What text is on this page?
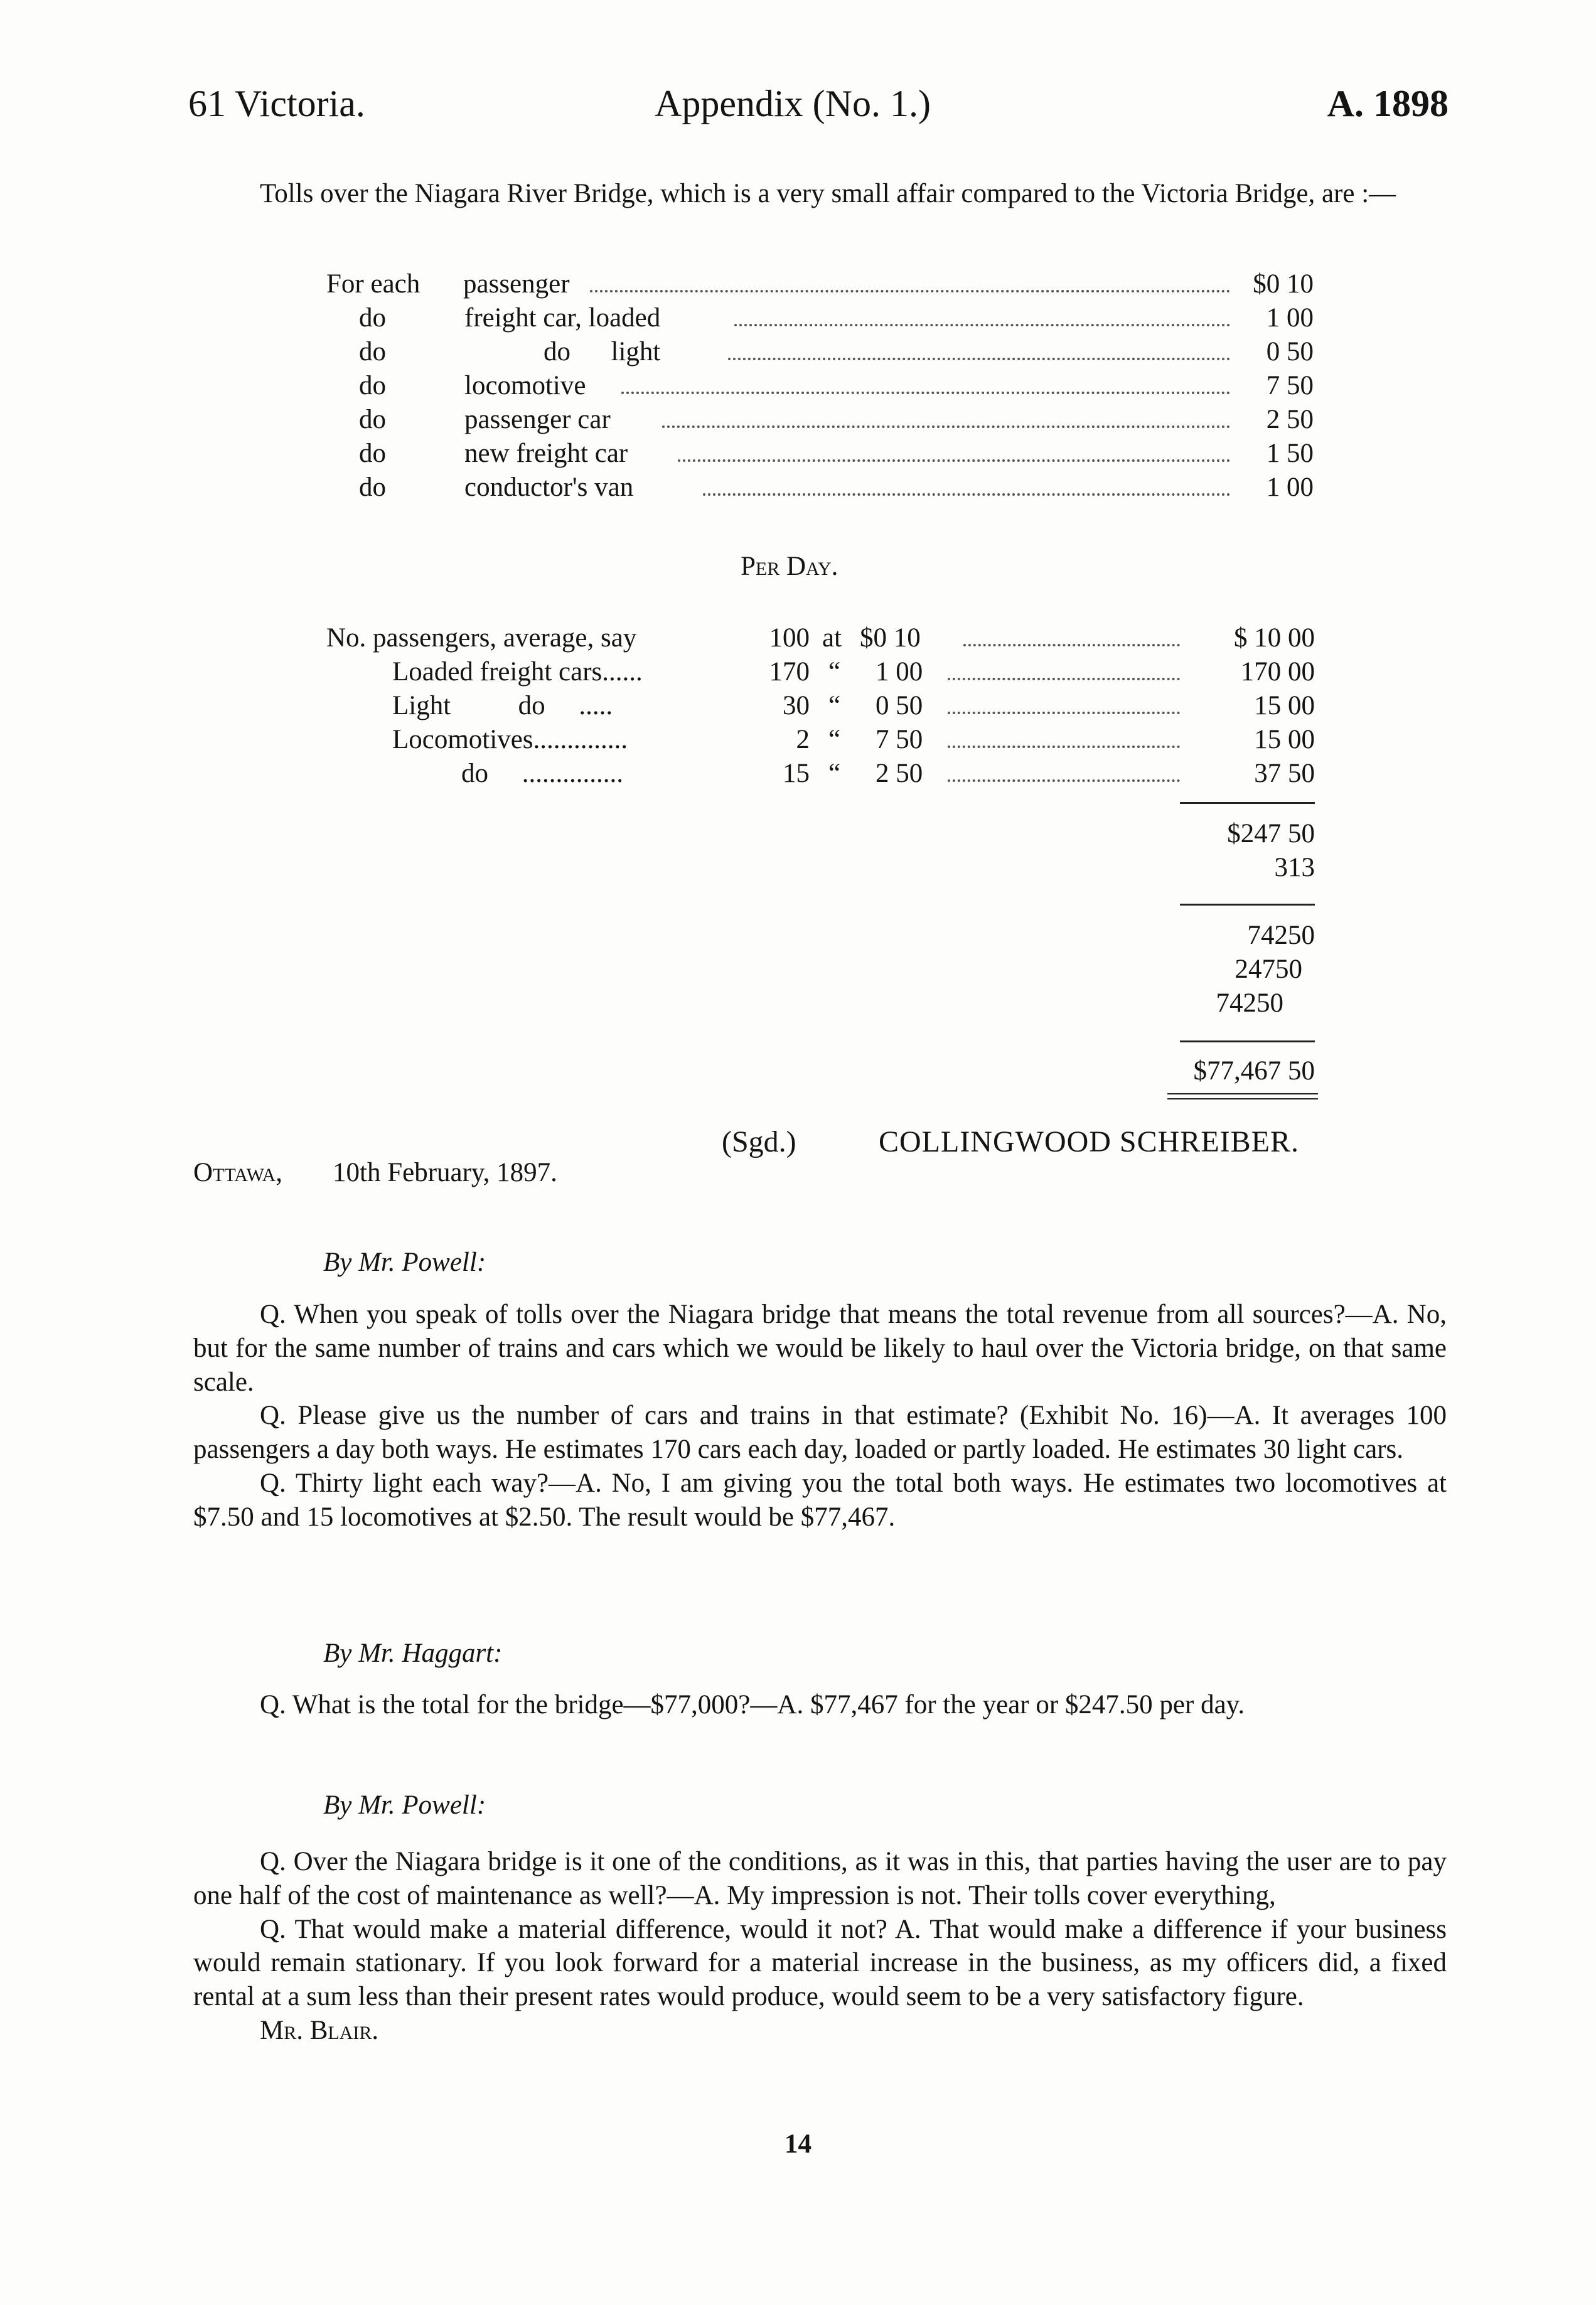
61 Victoria.	Appendix (No. 1.)	A. 1898

Tolls over the Niagara River Bridge, which is a very small affair compared to the Victoria Bridge, are :—

For each passenger	$0 10
do	freight car, loaded	1 00
do	do      light	0 50
do	locomotive	7 50
do	passenger car	2 50
do	new freight car	1 50
do	conductor's van	1 00
Per Day.
No. passengers, average, say	100 at $0 10	$ 10 00
Loaded freight cars......	170 “ 1 00	170 00
Light          do     .....	30 “ 0 50	15 00
Locomotives..............	2 “ 7 50	15 00
do     ...............	15 “ 2 50	37 50
$247 50
313
74250
24750
74250
$77,467 50
(Sgd.)	COLLINGWOOD SCHREIBER.
Ottawa, 10th February, 1897.
By Mr. Powell:

Q. When you speak of tolls over the Niagara bridge that means the total revenue from all sources?—A. No, but for the same number of trains and cars which we would be likely to haul over the Victoria bridge, on that same scale.

Q. Please give us the number of cars and trains in that estimate? (Exhibit No. 16)—A. It averages 100 passengers a day both ways. He estimates 170 cars each day, loaded or partly loaded. He estimates 30 light cars.

Q. Thirty light each way?—A. No, I am giving you the total both ways. He estimates two locomotives at $7.50 and 15 locomotives at $2.50. The result would be $77,467.

By Mr. Haggart:

Q. What is the total for the bridge—$77,000?—A. $77,467 for the year or $247.50 per day.

By Mr. Powell:

Q. Over the Niagara bridge is it one of the conditions, as it was in this, that parties having the user are to pay one half of the cost of maintenance as well?—A. My impression is not. Their tolls cover everything,

Q. That would make a material difference, would it not? A. That would make a difference if your business would remain stationary. If you look forward for a material increase in the business, as my officers did, a fixed rental at a sum less than their present rates would produce, would seem to be a very satisfactory figure.

Mr. Blair.

14
